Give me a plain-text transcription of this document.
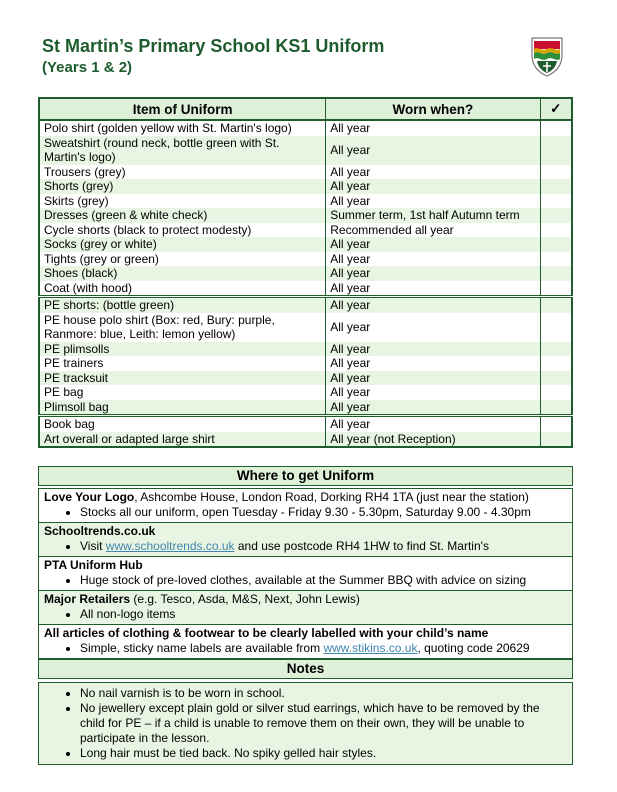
St Martin’s Primary School KS1 Uniform
(Years 1 & 2)
Item of Uniform	Worn when?	✓
Polo shirt (golden yellow with St. Martin's logo)	All year	
Sweatshirt (round neck, bottle green with St. Martin's logo)	All year	
Trousers (grey)	All year	
Shorts (grey)	All year	
Skirts (grey)	All year	
Dresses (green & white check)	Summer term, 1st half Autumn term	
Cycle shorts (black to protect modesty)	Recommended all year	
Socks (grey or white)	All year	
Tights (grey or green)	All year	
Shoes (black)	All year	
Coat (with hood)	All year	
PE shorts: (bottle green)	All year	
PE house polo shirt (Box: red, Bury: purple, Ranmore: blue, Leith: lemon yellow)	All year	
PE plimsolls	All year	
PE trainers	All year	
PE tracksuit	All year	
PE bag	All year	
Plimsoll bag	All year	
Book bag	All year	
Art overall or adapted large shirt	All year (not Reception)	
Where to get Uniform
Love Your Logo, Ashcombe House, London Road, Dorking RH4 1TA (just near the station)
• Stocks all our uniform, open Tuesday - Friday 9.30 - 5.30pm, Saturday 9.00 - 4.30pm
Schooltrends.co.uk
• Visit www.schooltrends.co.uk and use postcode RH4 1HW to find St. Martin's
PTA Uniform Hub
• Huge stock of pre-loved clothes, available at the Summer BBQ with advice on sizing
Major Retailers (e.g. Tesco, Asda, M&S, Next, John Lewis)
• All non-logo items
All articles of clothing & footwear to be clearly labelled with your child’s name
• Simple, sticky name labels are available from www.stikins.co.uk, quoting code 20629
Notes
• No nail varnish is to be worn in school.
• No jewellery except plain gold or silver stud earrings, which have to be removed by the child for PE – if a child is unable to remove them on their own, they will be unable to participate in the lesson.
• Long hair must be tied back. No spiky gelled hair styles.
